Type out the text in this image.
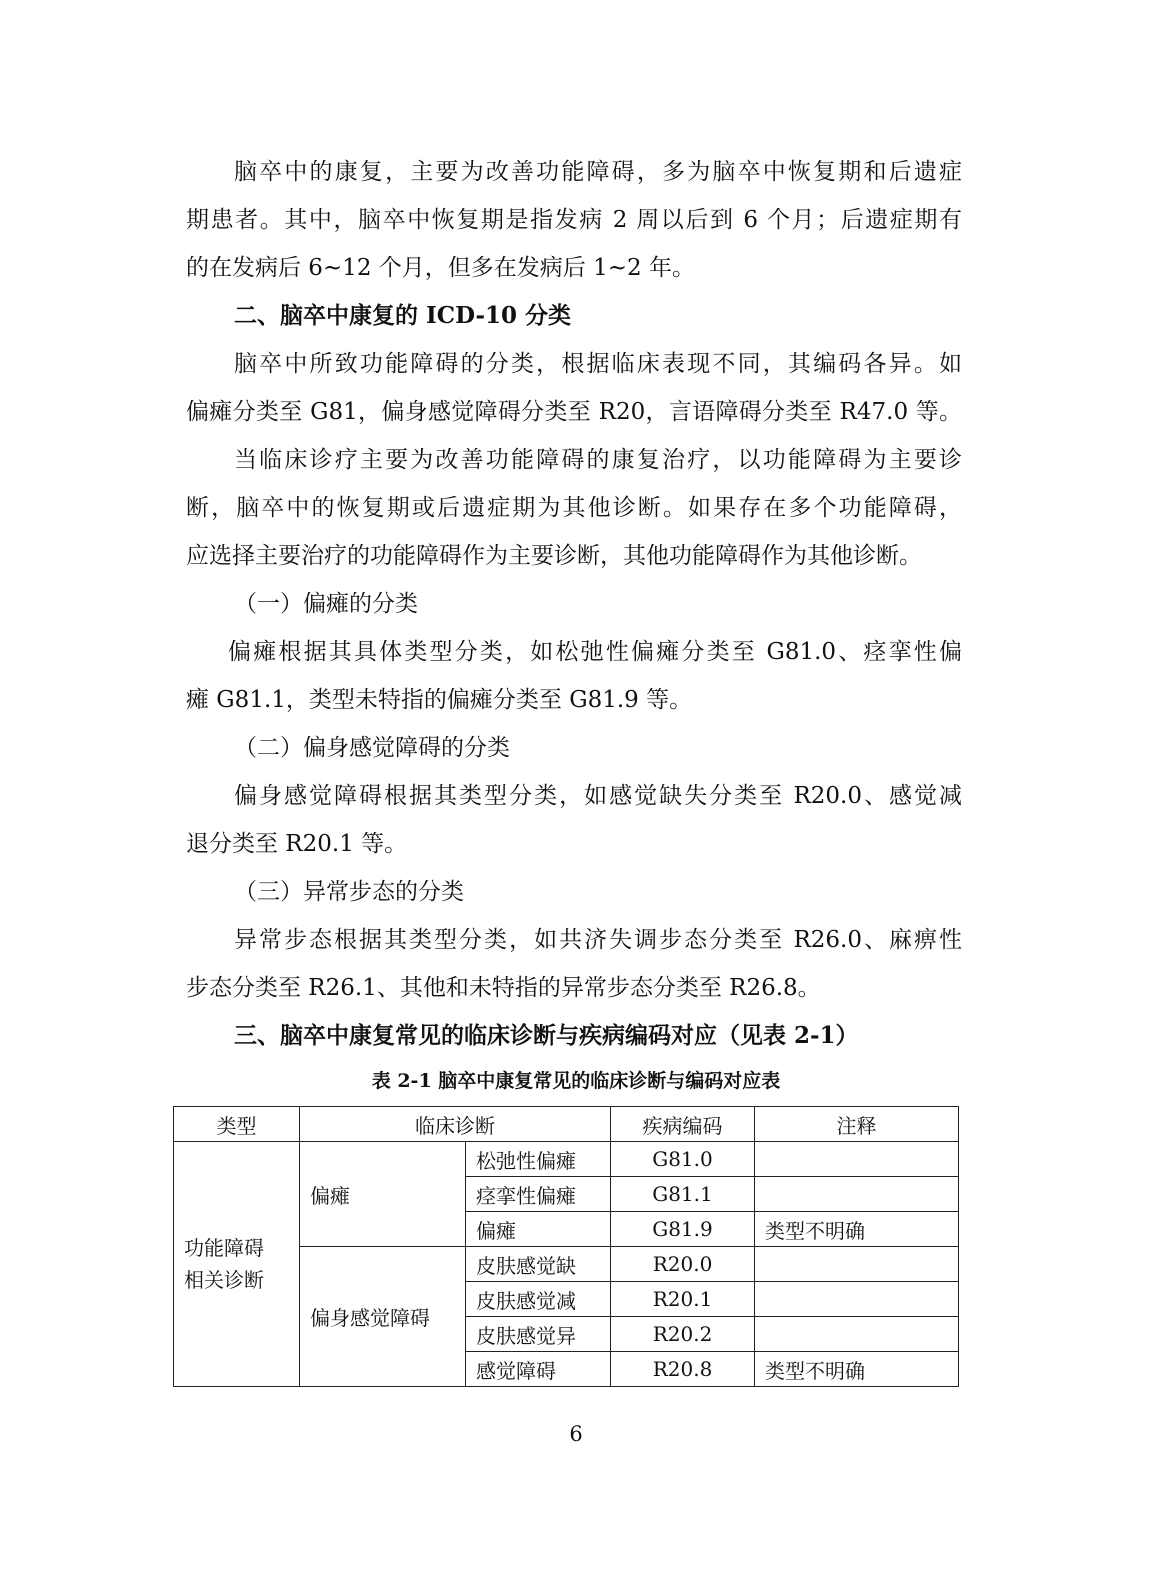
脑卒中的康复，主要为改善功能障碍，多为脑卒中恢复期和后遗症
期患者。其中，脑卒中恢复期是指发病 2 周以后到 6 个月；后遗症期有
的在发病后 6~12 个月，但多在发病后 1~2 年。
二、脑卒中康复的 ICD-10 分类
脑卒中所致功能障碍的分类，根据临床表现不同，其编码各异。如
偏瘫分类至 G81，偏身感觉障碍分类至 R20，言语障碍分类至 R47.0 等。
当临床诊疗主要为改善功能障碍的康复治疗，以功能障碍为主要诊
断，脑卒中的恢复期或后遗症期为其他诊断。如果存在多个功能障碍，
应选择主要治疗的功能障碍作为主要诊断，其他功能障碍作为其他诊断。
（一）偏瘫的分类
偏瘫根据其具体类型分类，如松弛性偏瘫分类至 G81.0、痉挛性偏
瘫 G81.1，类型未特指的偏瘫分类至 G81.9 等。
（二）偏身感觉障碍的分类
偏身感觉障碍根据其类型分类，如感觉缺失分类至 R20.0、感觉减
退分类至 R20.1 等。
（三）异常步态的分类
异常步态根据其类型分类，如共济失调步态分类至 R26.0、麻痹性
步态分类至 R26.1、其他和未特指的异常步态分类至 R26.8。
三、脑卒中康复常见的临床诊断与疾病编码对应（见表 2-1）
表 2-1 脑卒中康复常见的临床诊断与编码对应表
类型	临床诊断		疾病编码	注释

功能障碍
相关诊断	偏瘫	松弛性偏瘫	G81.0	
		痉挛性偏瘫	G81.1	
		偏瘫	G81.9	类型不明确
	偏身感觉障碍	皮肤感觉缺	R20.0	
		皮肤感觉减	R20.1	
		皮肤感觉异	R20.2	
		感觉障碍	R20.8	类型不明确
6
